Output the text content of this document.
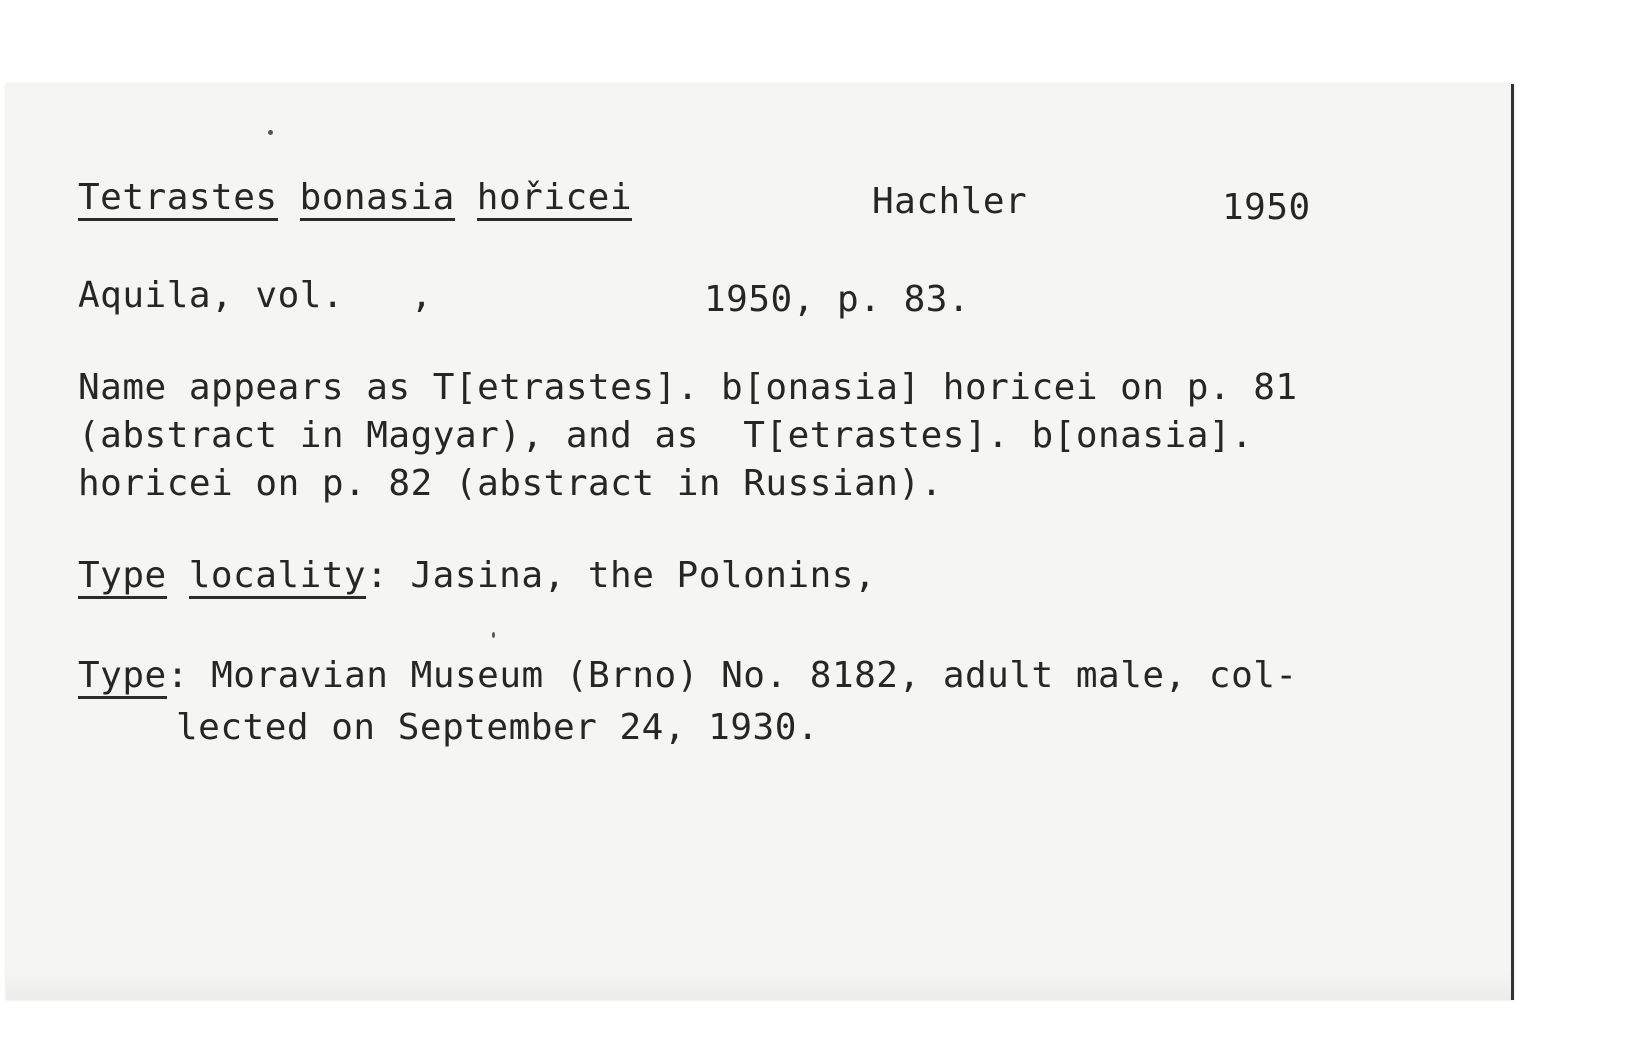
Tetrastes bonasia hořicei	Hachler	1950
Aquila, vol.   ,	1950, p. 83.
Name appears as T[etrastes]. b[onasia] horicei on p. 81
(abstract in Magyar), and as  T[etrastes]. b[onasia].
horicei on p. 82 (abstract in Russian).
Type locality: Jasina, the Polonins,
Type: Moravian Museum (Brno) No. 8182, adult male, col-
lected on September 24, 1930.
